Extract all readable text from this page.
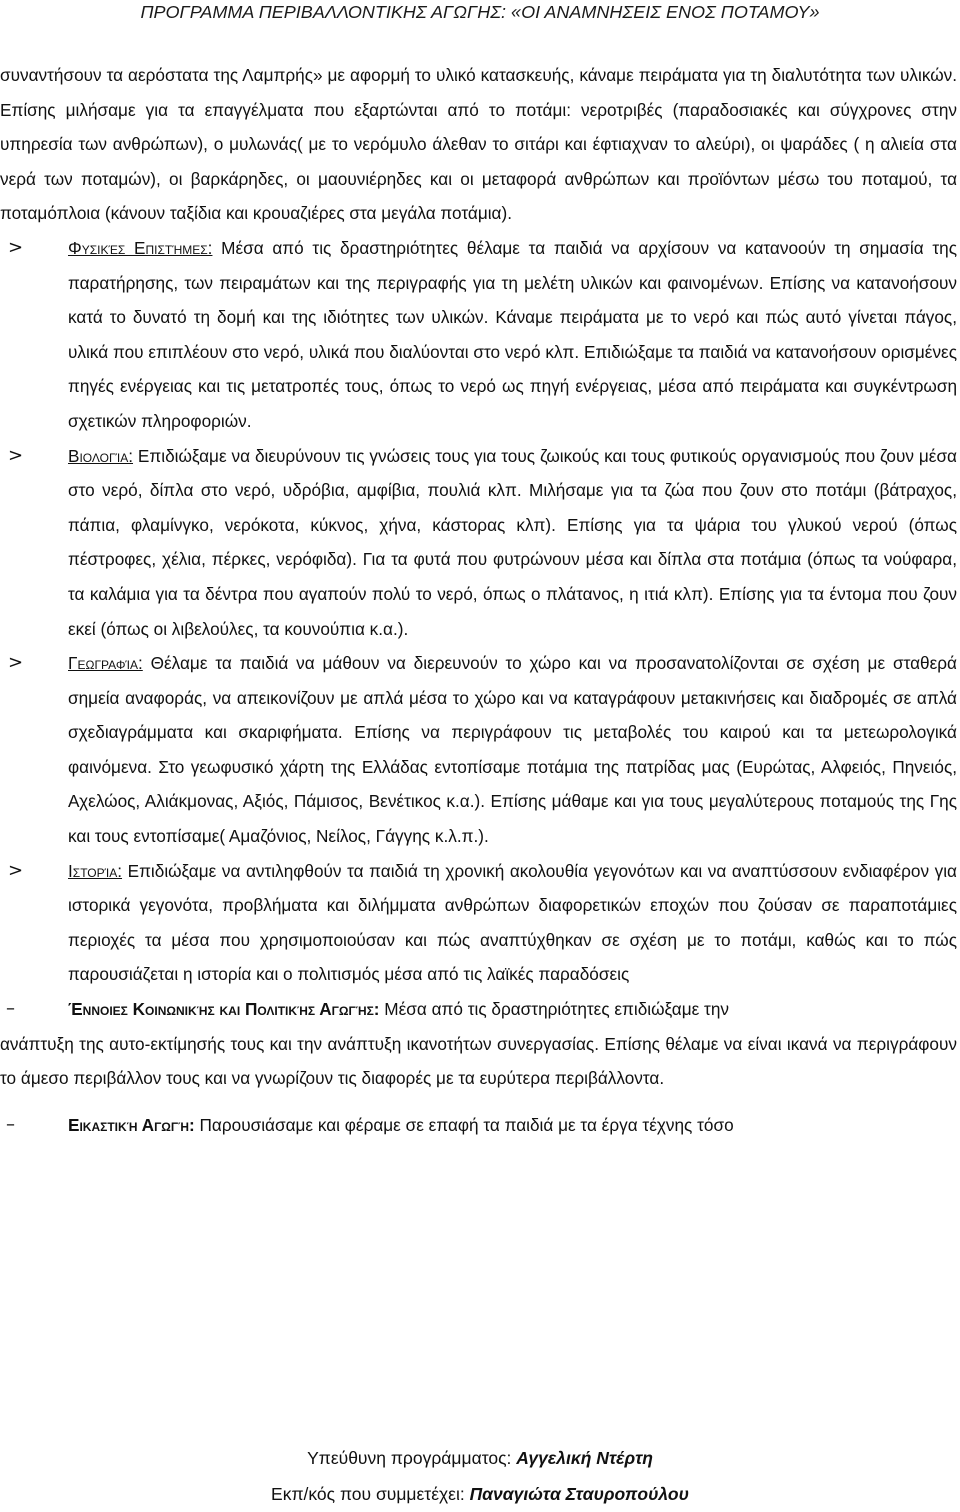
ΠΡΟΓΡΑΜΜΑ ΠΕΡΙΒΑΛΛΟΝΤΙΚΗΣ ΑΓΩΓΗΣ: «ΟΙ ΑΝΑΜΝΗΣΕΙΣ ΕΝΟΣ ΠΟΤΑΜΟΥ»

συναντήσουν τα αερόστατα της Λαμπρής» με αφορμή το υλικό κατασκευής, κάναμε πειράματα για τη διαλυτότητα των υλικών. Επίσης μιλήσαμε για τα επαγγέλματα που εξαρτώνται από το ποτάμι: νεροτριβές (παραδοσιακές και σύγχρονες στην υπηρεσία των ανθρώπων), ο μυλωνάς( με το νερόμυλο άλεθαν το σιτάρι και έφτιαχναν το αλεύρι), οι ψαράδες ( η αλιεία στα νερά των ποταμών), οι βαρκάρηδες, οι μαουνιέρηδες και οι μεταφορά ανθρώπων και προϊόντων μέσω του ποταμού, τα ποταμόπλοια (κάνουν ταξίδια και κρουαζιέρες στα μεγάλα ποτάμια).

>	Φυσικές Επιστήμες: Μέσα από τις δραστηριότητες θέλαμε τα παιδιά να αρχίσουν να κατανοούν τη σημασία της παρατήρησης, των πειραμάτων και της περιγραφής για τη μελέτη υλικών και φαινομένων. Επίσης να κατανοήσουν κατά το δυνατό τη δομή και της ιδιότητες των υλικών. Κάναμε πειράματα με το νερό και πώς αυτό γίνεται πάγος, υλικά που επιπλέουν στο νερό, υλικά που διαλύονται στο νερό κλπ. Επιδιώξαμε τα παιδιά να κατανοήσουν ορισμένες πηγές ενέργειας και τις μετατροπές τους, όπως το νερό ως πηγή ενέργειας, μέσα από πειράματα και συγκέντρωση σχετικών πληροφοριών.
>	Βιολογία: Επιδιώξαμε να διευρύνουν τις γνώσεις τους για τους ζωικούς και τους φυτικούς οργανισμούς που ζουν μέσα στο νερό, δίπλα στο νερό, υδρόβια, αμφίβια, πουλιά κλπ. Μιλήσαμε για τα ζώα που ζουν στο ποτάμι (βάτραχος, πάπια, φλαμίνγκο, νερόκοτα, κύκνος, χήνα, κάστορας κλπ). Επίσης για τα ψάρια του γλυκού νερού (όπως πέστροφες, χέλια, πέρκες, νερόφιδα). Για τα φυτά που φυτρώνουν μέσα και δίπλα στα ποτάμια (όπως τα νούφαρα, τα καλάμια για τα δέντρα που αγαπούν πολύ το νερό, όπως ο πλάτανος, η ιτιά κλπ). Επίσης για τα έντομα που ζουν εκεί (όπως οι λιβελούλες, τα κουνούπια κ.α.).
>	Γεωγραφία: Θέλαμε τα παιδιά να μάθουν να διερευνούν το χώρο και να προσανατολίζονται σε σχέση με σταθερά σημεία αναφοράς, να απεικονίζουν με απλά μέσα το χώρο και να καταγράφουν μετακινήσεις και διαδρομές σε απλά σχεδιαγράμματα και σκαριφήματα. Επίσης να περιγράφουν τις μεταβολές του καιρού και τα μετεωρολογικά φαινόμενα. Στο γεωφυσικό χάρτη της Ελλάδας εντοπίσαμε ποτάμια της πατρίδας μας (Ευρώτας, Αλφειός, Πηνειός, Αχελώος, Αλιάκμονας, Αξιός, Πάμισος, Βενέτικος κ.α.). Επίσης μάθαμε και για τους μεγαλύτερους ποταμούς της Γης και τους εντοπίσαμε( Αμαζόνιος, Νείλος, Γάγγης κ.λ.π.).
>	Ιστορία: Επιδιώξαμε να αντιληφθούν τα παιδιά τη χρονική ακολουθία γεγονότων και να αναπτύσσουν ενδιαφέρον για ιστορικά γεγονότα, προβλήματα και διλήμματα ανθρώπων διαφορετικών εποχών που ζούσαν σε παραποτάμιες περιοχές τα μέσα που χρησιμοποιούσαν και πώς αναπτύχθηκαν σε σχέση με το ποτάμι, καθώς και το πώς παρουσιάζεται η ιστορία και ο πολιτισμός μέσα από τις λαϊκές παραδόσεις
–	Έννοιες Κοινωνικής και Πολιτικής Αγωγής: Μέσα από τις δραστηριότητες επιδιώξαμε την

ανάπτυξη της αυτο-εκτίμησής τους και την ανάπτυξη ικανοτήτων συνεργασίας. Επίσης θέλαμε να είναι ικανά να περιγράφουν το άμεσο περιβάλλον τους και να γνωρίζουν τις διαφορές με τα ευρύτερα περιβάλλοντα.

–	Εικαστική Αγωγή: Παρουσιάσαμε και φέραμε σε επαφή τα παιδιά με τα έργα τέχνης τόσο
Υπεύθυνη προγράμματος: Αγγελική Ντέρτη
Εκπ/κός που συμμετέχει: Παναγιώτα Σταυροπούλου
